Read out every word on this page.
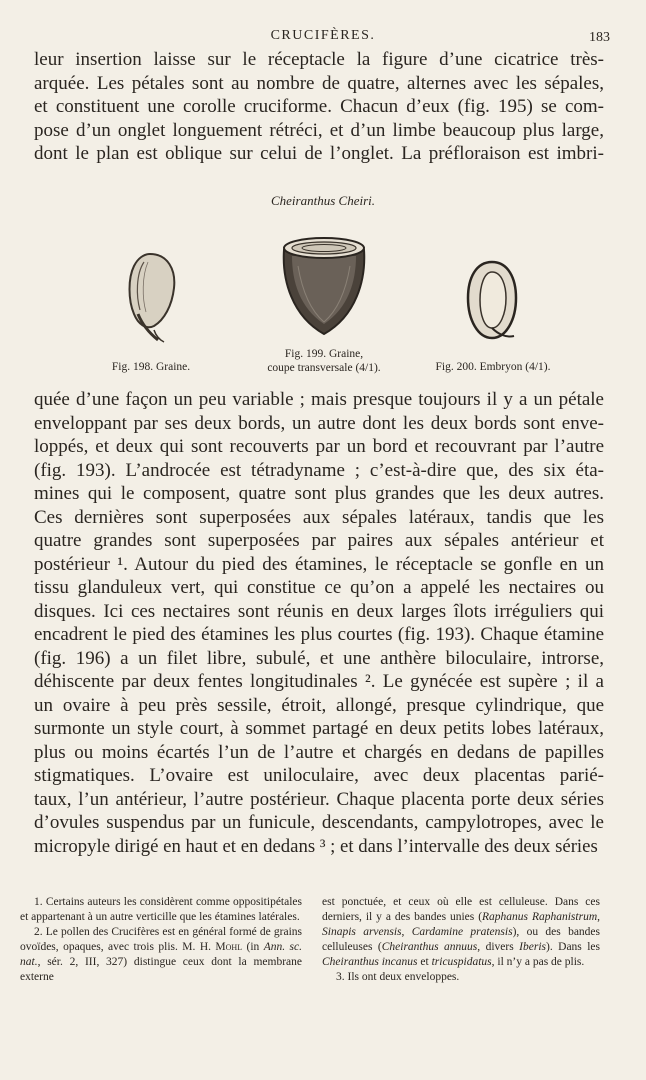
CRUCIFÈRES.	183
leur insertion laisse sur le réceptacle la figure d’une cicatrice très-
arquée. Les pétales sont au nombre de quatre, alternes avec les sépales,
et constituent une corolle cruciforme. Chacun d’eux (fig. 195) se com-
pose d’un onglet longuement rétréci, et d’un limbe beaucoup plus large,
dont le plan est oblique sur celui de l’onglet. La préfloraison est imbri-
Cheiranthus Cheiri.
Fig. 198. Graine.
Fig. 199. Graine,
coupe transversale (4/1).	Fig. 200. Embryon (4/1).
quée d’une façon un peu variable ; mais presque toujours il y a un pétale
enveloppant par ses deux bords, un autre dont les deux bords sont enve-
loppés, et deux qui sont recouverts par un bord et recouvrant par l’autre
(fig. 193). L’androcée est tétradyname ; c’est-à-dire que, des six éta-
mines qui le composent, quatre sont plus grandes que les deux autres.
Ces dernières sont superposées aux sépales latéraux, tandis que les
quatre grandes sont superposées par paires aux sépales antérieur et
postérieur ¹. Autour du pied des étamines, le réceptacle se gonfle en un
tissu glanduleux vert, qui constitue ce qu’on a appelé les nectaires ou
disques. Ici ces nectaires sont réunis en deux larges îlots irréguliers qui
encadrent le pied des étamines les plus courtes (fig. 193). Chaque étamine
(fig. 196) a un filet libre, subulé, et une anthère biloculaire, introrse,
déhiscente par deux fentes longitudinales ². Le gynécée est supère ; il a
un ovaire à peu près sessile, étroit, allongé, presque cylindrique, que
surmonte un style court, à sommet partagé en deux petits lobes latéraux,
plus ou moins écartés l’un de l’autre et chargés en dedans de papilles
stigmatiques. L’ovaire est uniloculaire, avec deux placentas parié-
taux, l’un antérieur, l’autre postérieur. Chaque placenta porte deux séries
d’ovules suspendus par un funicule, descendants, campylotropes, avec le
micropyle dirigé en haut et en dedans ³ ; et dans l’intervalle des deux séries

1. Certains auteurs les considèrent comme oppositipétales et appartenant à un autre verticille que les étamines latérales.

2. Le pollen des Crucifères est en général formé de grains ovoïdes, opaques, avec trois plis. M. H. Mohl (in Ann. sc. nat., sér. 2, III, 327) distingue ceux dont la membrane externe

est ponctuée, et ceux où elle est celluleuse. Dans ces derniers, il y a des bandes unies (Raphanus Raphanistrum, Sinapis arvensis, Cardamine pratensis), ou des bandes celluleuses (Cheiranthus annuus, divers Iberis). Dans les Cheiranthus incanus et tricuspidatus, il n’y a pas de plis.

3. Ils ont deux enveloppes.
